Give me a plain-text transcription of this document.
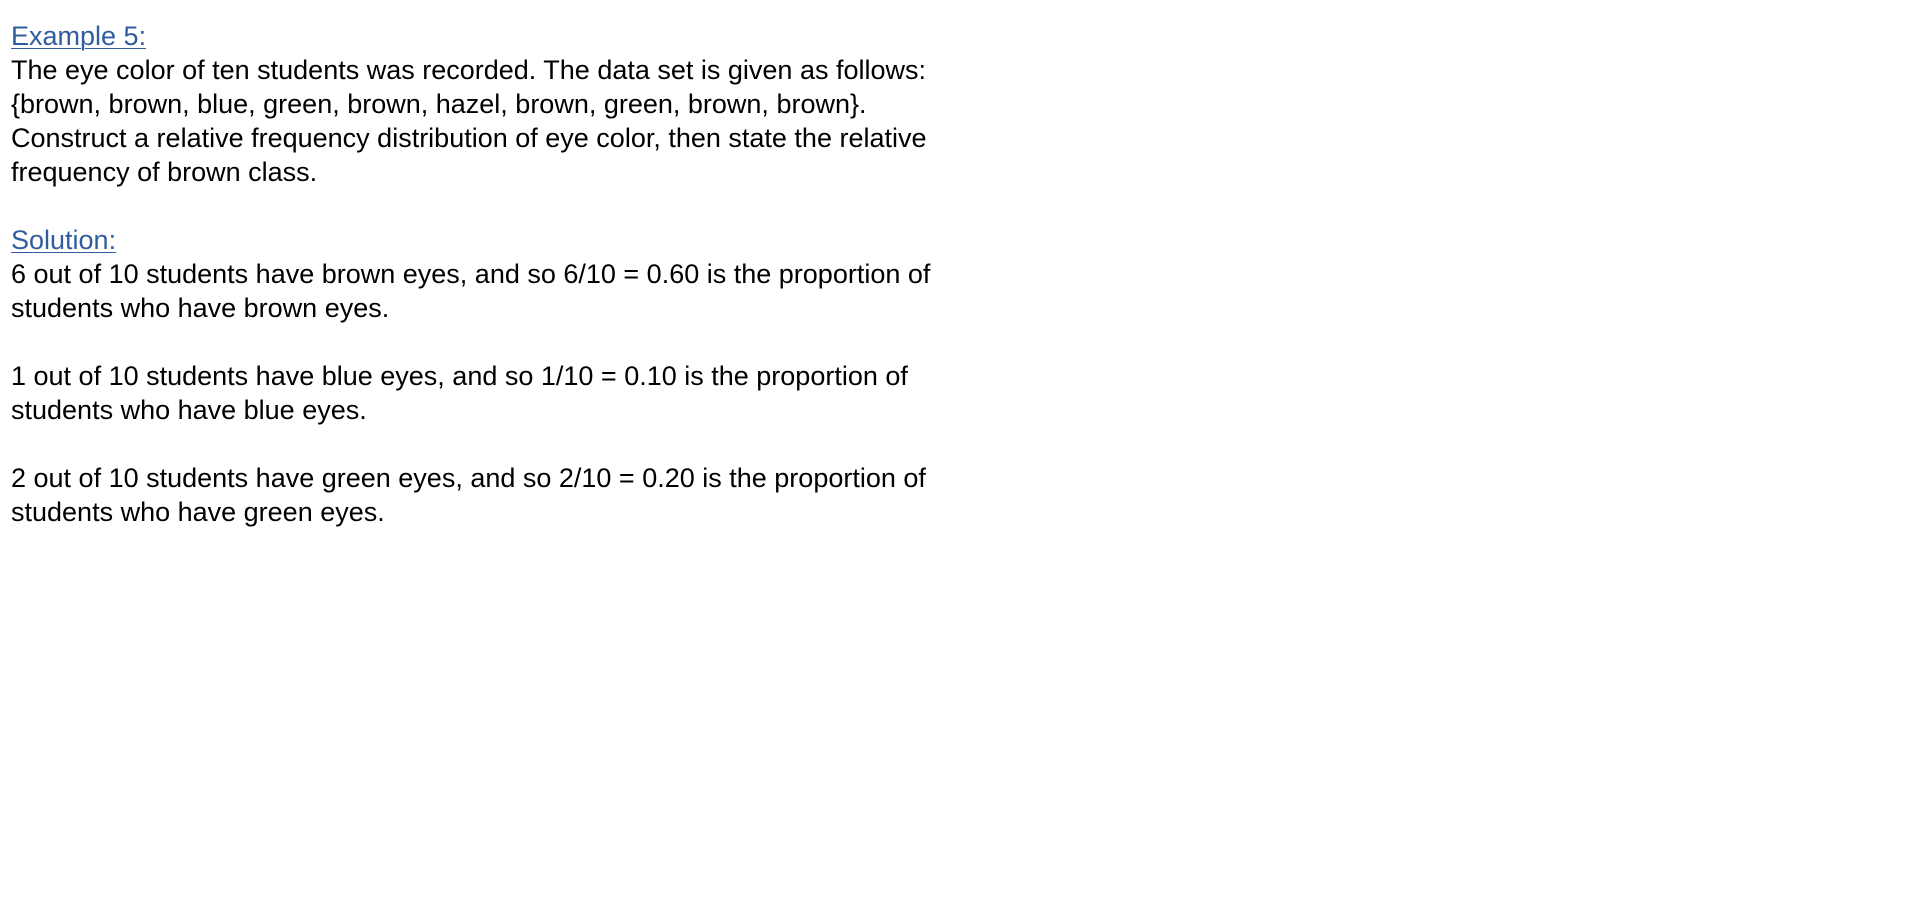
Example 5:
The eye color of ten students was recorded. The data set is given as follows:
{brown, brown, blue, green, brown, hazel, brown, green, brown, brown}.
Construct a relative frequency distribution of eye color, then state the relative
frequency of brown class.
Solution:
6 out of 10 students have brown eyes, and so 6/10 = 0.60 is the proportion of
students who have brown eyes.
1 out of 10 students have blue eyes, and so 1/10 = 0.10 is the proportion of
students who have blue eyes.
2 out of 10 students have green eyes, and so 2/10 = 0.20 is the proportion of
students who have green eyes.
